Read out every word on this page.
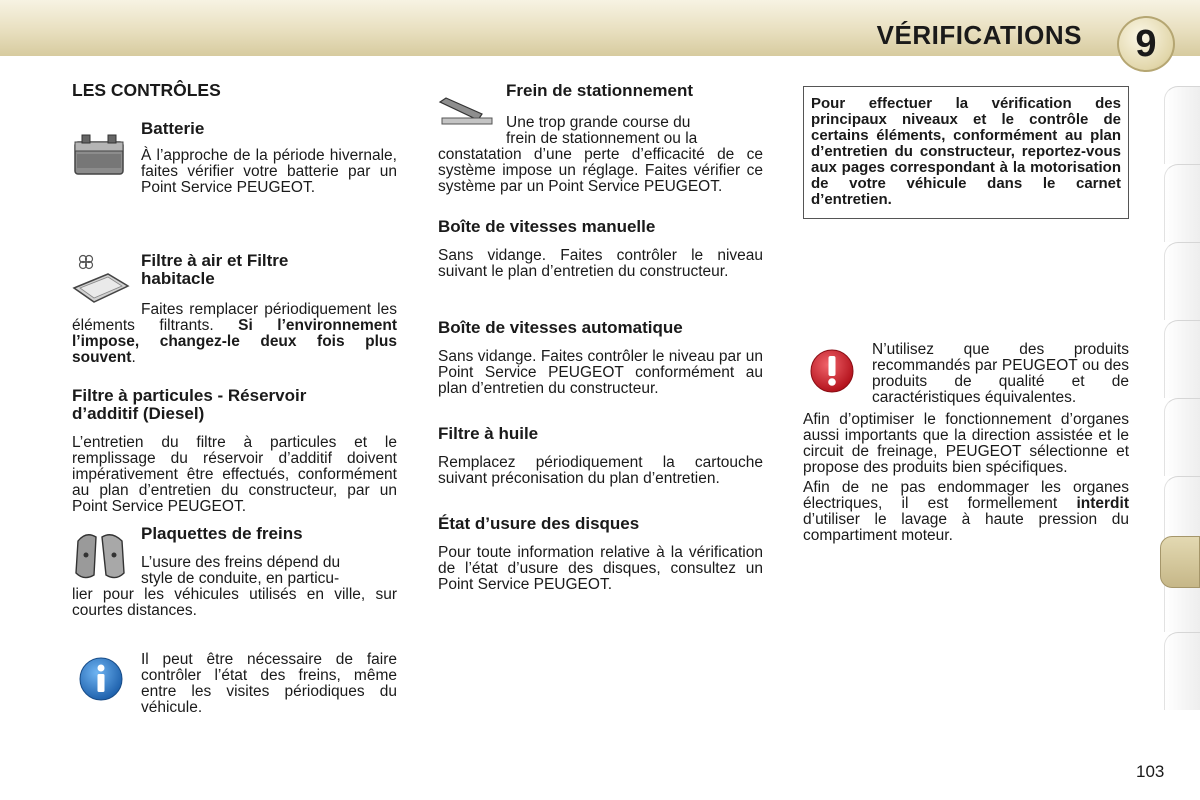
VÉRIFICATIONS	9
LES CONTRÔLES
Batterie

À l’approche de la période hivernale, faites vérifier votre batterie par un Point Service PEUGEOT.

Filtre à air et Filtre
habitacle

Faites remplacer périodiquement les éléments filtrants. Si l’environnement l’impose, changez-le deux fois plus souvent.

Filtre à particules - Réservoir
d’additif (Diesel)

L’entretien du filtre à particules et le remplissage du réservoir d’additif doivent impérativement être effectués, conformément au plan d’entretien du constructeur, par un Point Service PEUGEOT.

Plaquettes de freins

L’usure des freins dépend du

style de conduite, en particu-

lier pour les véhicules utilisés en ville, sur courtes distances.

Il peut être nécessaire de faire contrôler l’état des freins, même entre les visites périodiques du véhicule.

Frein de stationnement

Une trop grande course du

frein de stationnement ou la

constatation d’une perte d’efficacité de ce système impose un réglage. Faites vérifier ce système par un Point Service PEUGEOT.

Boîte de vitesses manuelle

Sans vidange. Faites contrôler le niveau suivant le plan d’entretien du constructeur.

Boîte de vitesses automatique

Sans vidange. Faites contrôler le niveau par un Point Service PEUGEOT conformément au plan d’entretien du constructeur.

Filtre à huile

Remplacez périodiquement la cartouche suivant préconisation du plan d’entretien.

État d’usure des disques

Pour toute information relative à la vérification de l’état d’usure des disques, consultez un Point Service PEUGEOT.

Pour effectuer la vérification des principaux niveaux et le contrôle de certains éléments, conformément au plan d’entretien du constructeur, reportez-vous aux pages correspondant à la motorisation de votre véhicule dans le carnet d’entretien.

N’utilisez que des produits recommandés par PEUGEOT ou des produits de qualité et de caractéristiques équivalentes.

Afin d’optimiser le fonctionnement d’organes aussi importants que la direction assistée et le circuit de freinage, PEUGEOT sélectionne et propose des produits bien spécifiques.

Afin de ne pas endommager les organes électriques, il est formellement interdit d’utiliser le lavage à haute pression du compartiment moteur.

103
